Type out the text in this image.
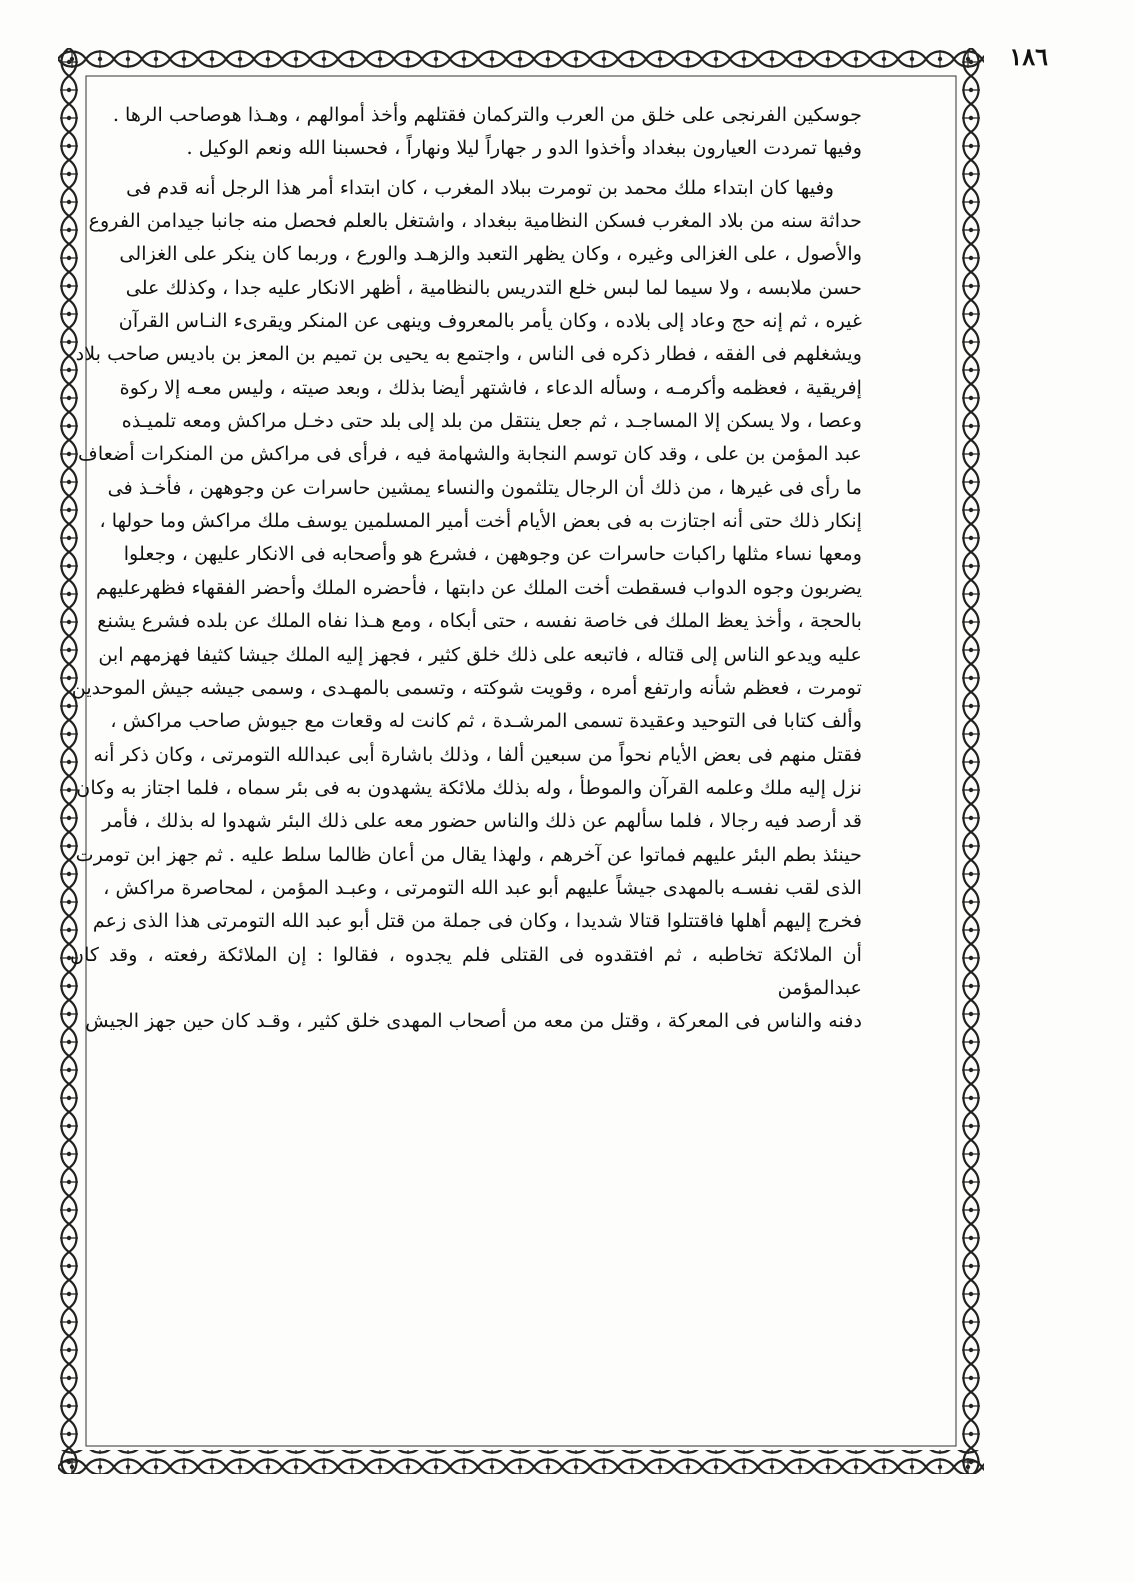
١٨٦

جوسكين الفرنجى على خلق من العرب والتركمان فقتلهم وأخذ أموالهم ، وهـذا هوصاحب الرها .

وفيها تمردت العيارون ببغداد وأخذوا الدو ر جهاراً ليلا ونهاراً ، فحسبنا الله ونعم الوكيل .

وفيها كان ابتداء ملك محمد بن تومرت ببلاد المغرب ، كان ابتداء أمر هذا الرجل أنه قدم فى

حداثة سنه من بلاد المغرب فسكن النظامية ببغداد ، واشتغل بالعلم فحصل منه جانبا جيدامن الفروع

والأصول ، على الغزالى وغيره ، وكان يظهر التعبد والزهـد والورع ، وربما كان ينكر على الغزالى

حسن ملابسه ، ولا سيما لما لبس خلع التدريس بالنظامية ، أظهر الانكار عليه جدا ، وكذلك على

غيره ، ثم إنه حج وعاد إلى بلاده ، وكان يأمر بالمعروف وينهى عن المنكر ويقرىء النـاس القرآن

ويشغلهم فى الفقه ، فطار ذكره فى الناس ، واجتمع به يحيى بن تميم بن المعز بن باديس صاحب بلاد

إفريقية ، فعظمه وأكرمـه ، وسأله الدعاء ، فاشتهر أيضا بذلك ، وبعد صيته ، وليس معـه إلا ركوة

وعصا ، ولا يسكن إلا المساجـد ، ثم جعل ينتقل من بلد إلى بلد حتى دخـل مراكش ومعه تلميـذه

عبد المؤمن بن على ، وقد كان توسم النجابة والشهامة فيه ، فرأى فى مراكش من المنكرات أضعاف

ما رأى فى غيرها ، من ذلك أن الرجال يتلثمون والنساء يمشين حاسرات عن وجوههن ، فأخـذ فى

إنكار ذلك حتى أنه اجتازت به فى بعض الأيام أخت أمير المسلمين يوسف ملك مراكش وما حولها ،

ومعها نساء مثلها راكبات حاسرات عن وجوههن ، فشرع هو وأصحابه فى الانكار عليهن ، وجعلوا

يضربون وجوه الدواب فسقطت أخت الملك عن دابتها ، فأحضره الملك وأحضر الفقهاء فظهرعليهم

بالحجة ، وأخذ يعظ الملك فى خاصة نفسه ، حتى أبكاه ، ومع هـذا نفاه الملك عن بلده فشرع يشنع

عليه ويدعو الناس إلى قتاله ، فاتبعه على ذلك خلق كثير ، فجهز إليه الملك جيشا كثيفا فهزمهم ابن

تومرت ، فعظم شأنه وارتفع أمره ، وقويت شوكته ، وتسمى بالمهـدى ، وسمى جيشه جيش الموحدين

وألف كتابا فى التوحيد وعقيدة تسمى المرشـدة ، ثم كانت له وقعات مع جيوش صاحب مراكش ،

فقتل منهم فى بعض الأيام نحواً من سبعين ألفا ، وذلك باشارة أبى عبدالله التومرتى ، وكان ذكر أنه

نزل إليه ملك وعلمه القرآن والموطأ ، وله بذلك ملائكة يشهدون به فى بئر سماه ، فلما اجتاز به وكان

قد أرصد فيه رجالا ، فلما سألهم عن ذلك والناس حضور معه على ذلك البئر شهدوا له بذلك ، فأمر

حينئذ بطم البئر عليهم فماتوا عن آخرهم ، ولهذا يقال من أعان ظالما سلط عليه . ثم جهز ابن تومرت

الذى لقب نفسـه بالمهدى جيشاً عليهم أبو عبد الله التومرتى ، وعبـد المؤمن ، لمحاصرة مراكش ،

فخرج إليهم أهلها فاقتتلوا قتالا شديدا ، وكان فى جملة من قتل أبو عبد الله التومرتى هذا الذى زعم

أن الملائكة تخاطبه ، ثم افتقدوه فى القتلى فلم يجدوه ، فقالوا : إن الملائكة رفعته ، وقد كان عبدالمؤمن

دفنه والناس فى المعركة ، وقتل من معه من أصحاب المهدى خلق كثير ، وقـد كان حين جهز الجيش
